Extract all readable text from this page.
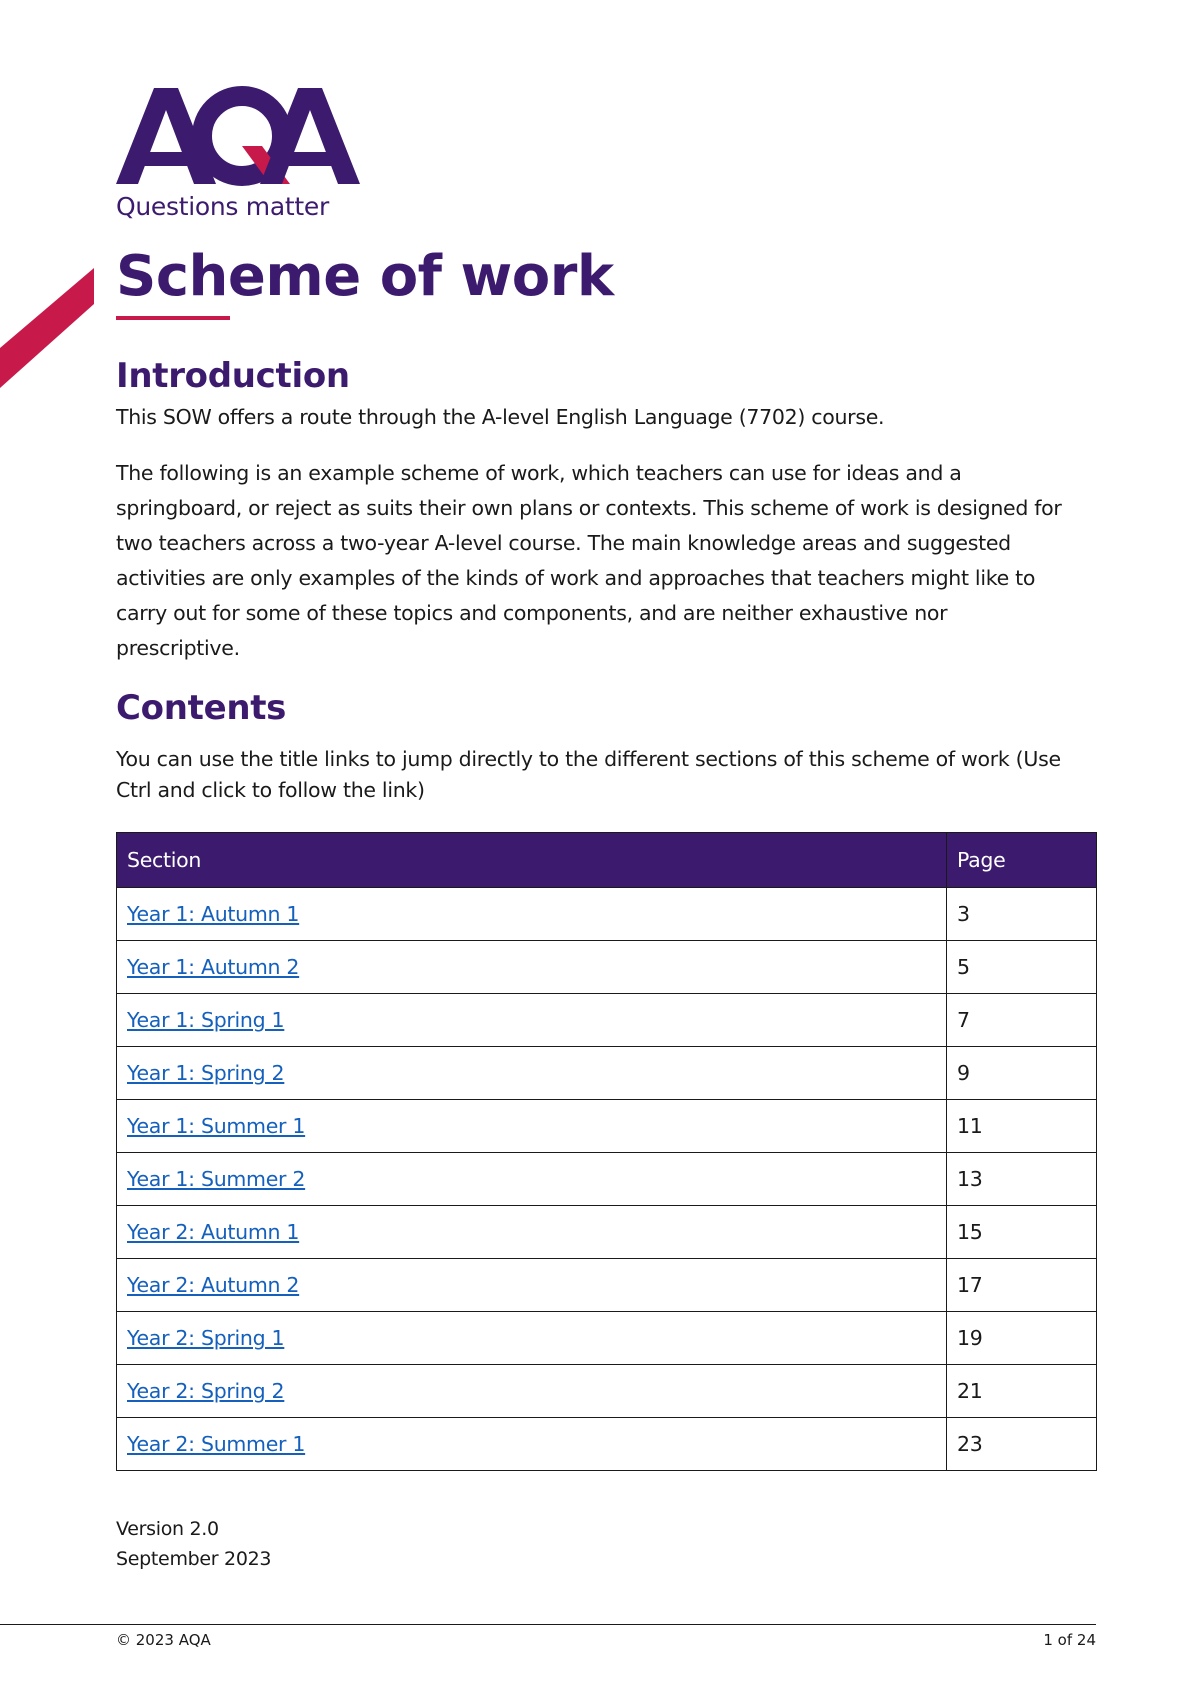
Questions matter
Scheme of work
Introduction

This SOW offers a route through the A-level English Language (7702) course.

The following is an example scheme of work, which teachers can use for ideas and a springboard, or reject as suits their own plans or contexts. This scheme of work is designed for two teachers across a two-year A-level course. The main knowledge areas and suggested activities are only examples of the kinds of work and approaches that teachers might like to carry out for some of these topics and components, and are neither exhaustive nor prescriptive.

Contents

You can use the title links to jump directly to the different sections of this scheme of work (Use Ctrl and click to follow the link)

Section	Page
Year 1: Autumn 1	3
Year 1: Autumn 2	5
Year 1: Spring 1	7
Year 1: Spring 2	9
Year 1: Summer 1	11
Year 1: Summer 2	13
Year 2: Autumn 1	15
Year 2: Autumn 2	17
Year 2: Spring 1	19
Year 2: Spring 2	21
Year 2: Summer 1	23
Version 2.0
September 2023
© 2023 AQA	1 of 24
